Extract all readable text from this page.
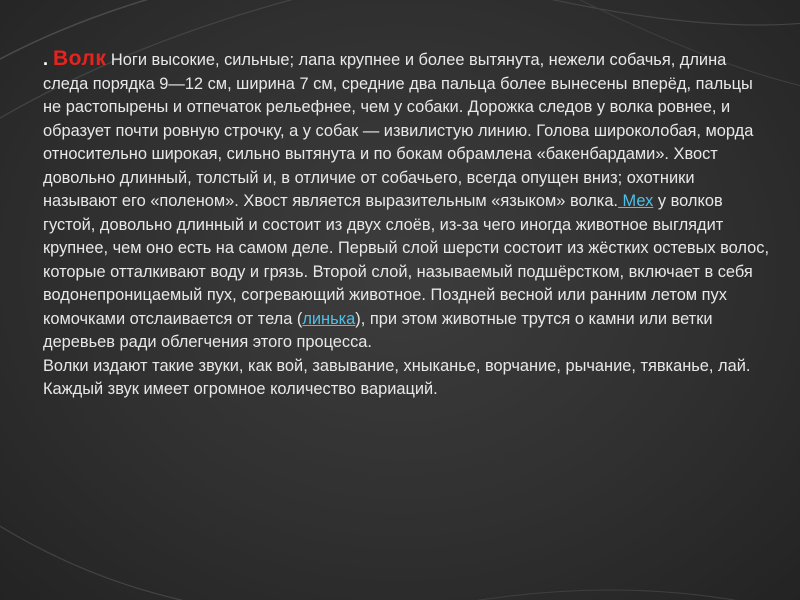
. Волк Ноги высокие, сильные; лапа крупнее и более вытянута, нежели собачья, длина следа порядка 9—12 см, ширина 7 см, средние два пальца более вынесены вперёд, пальцы не растопырены и отпечаток рельефнее, чем у собаки. Дорожка следов у волка ровнее, и образует почти ровную строчку, а у собак — извилистую линию. Голова широколобая, морда относительно широкая, сильно вытянута и по бокам обрамлена «бакенбардами». Хвост довольно длинный, толстый и, в отличие от собачьего, всегда опущен вниз; охотники называют его «поленом». Хвост является выразительным «языком» волка. Мех у волков густой, довольно длинный и состоит из двух слоёв, из-за чего иногда животное выглядит крупнее, чем оно есть на самом деле. Первый слой шерсти состоит из жёстких остевых волос, которые отталкивают воду и грязь. Второй слой, называемый подшёрстком, включает в себя водонепроницаемый пух, согревающий животное. Поздней весной или ранним летом пух комочками отслаивается от тела (линька), при этом животные трутся о камни или ветки деревьев ради облегчения этого процесса.

Волки издают такие звуки, как вой, завывание, хныканье, ворчание, рычание, тявканье, лай. Каждый звук имеет огромное количество вариаций.
